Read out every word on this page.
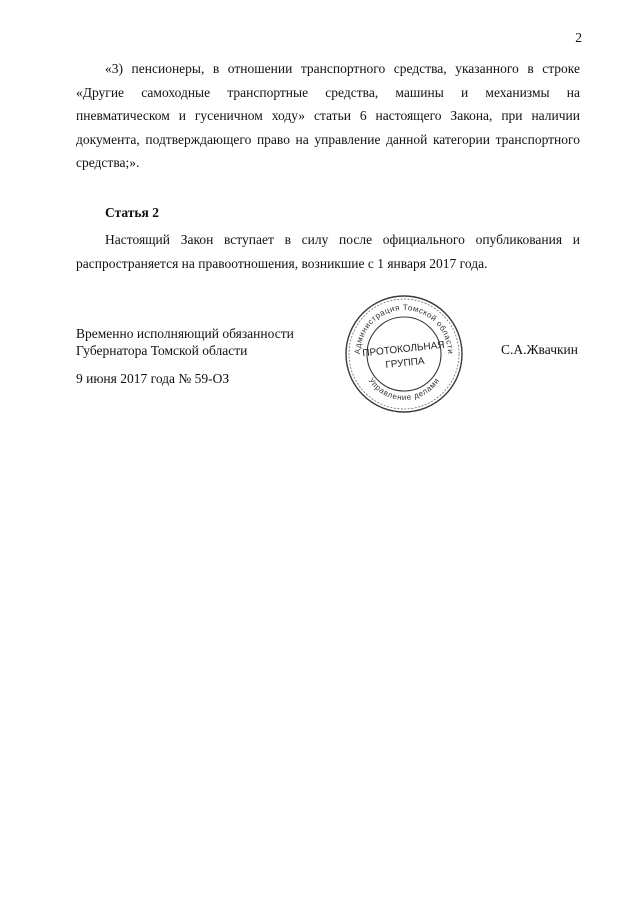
2

«3) пенсионеры, в отношении транспортного средства, указанного в строке «Другие самоходные транспортные средства, машины и механизмы на пневматическом и гусеничном ходу» статьи 6 настоящего Закона, при наличии документа, подтверждающего право на управление данной категории транспортного средства;».

Статья 2

Настоящий Закон вступает в силу после официального опубликования и распространяется на правоотношения, возникшие с 1 января 2017 года.

Временно исполняющий обязанности
Губернатора Томской области	С.А.Жвачкин
9 июня 2017 года № 59-ОЗ
Администрация Томской области
Управление делами
ПРОТОКОЛЬНАЯ
ГРУППА
